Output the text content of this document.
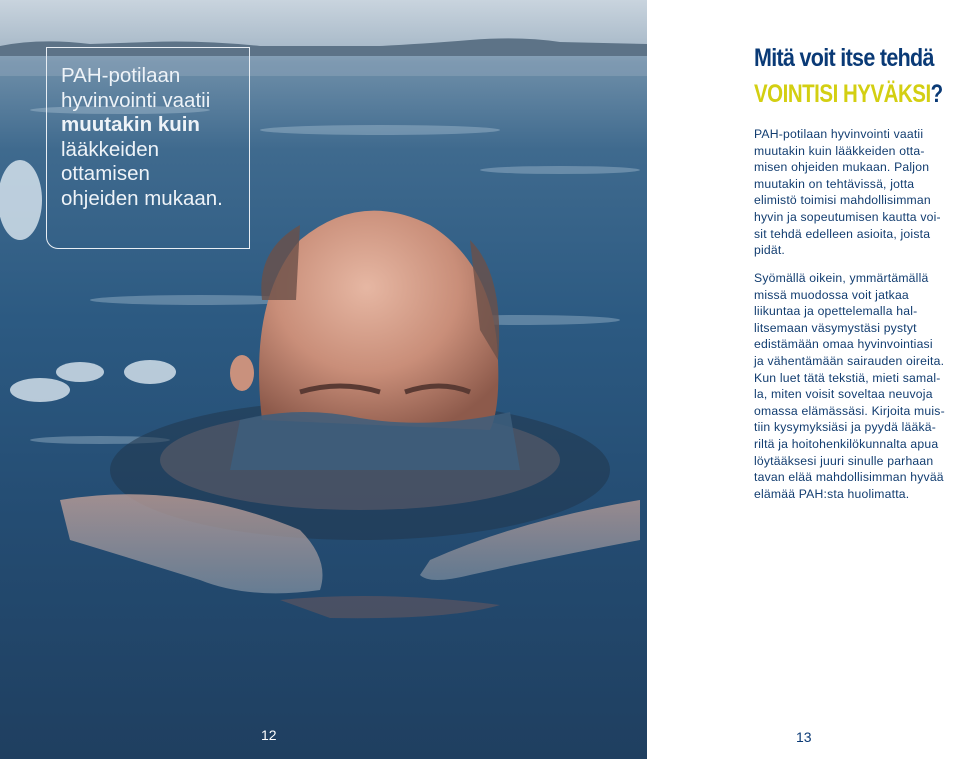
PAH-potilaan
hyvinvointi vaatii
muutakin kuin
lääkkeiden
ottamisen
ohjeiden mukaan.
12
Mitä voit itse tehdä
VOINTISI HYVÄKSI?

PAH-potilaan hyvinvointi vaatii
muutakin kuin lääkkeiden otta-
misen ohjeiden mukaan. Paljon
muutakin on tehtävissä, jotta
elimistö toimisi mahdollisimman
hyvin ja sopeutumisen kautta voi-
sit tehdä edelleen asioita, joista
pidät.

Syömällä oikein, ymmärtämällä
missä muodossa voit jatkaa
liikuntaa ja opettelemalla hal-
litsemaan väsymystäsi pystyt
edistämään omaa hyvinvointiasi
ja vähentämään sairauden oireita.
Kun luet tätä tekstiä, mieti samal-
la, miten voisit soveltaa neuvoja
omassa elämässäsi. Kirjoita muis-
tiin kysymyksiäsi ja pyydä lääkä-
riltä ja hoitohenkilökunnalta apua
löytääksesi juuri sinulle parhaan
tavan elää mahdollisimman hyvää
elämää PAH:sta huolimatta.

13
